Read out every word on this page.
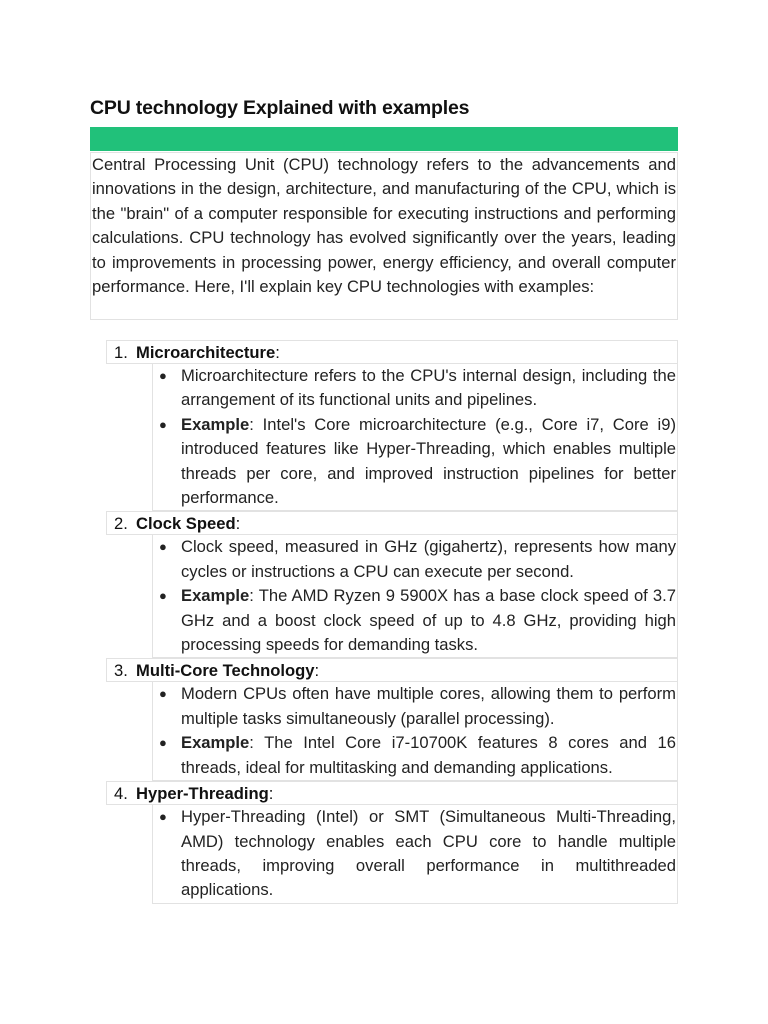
CPU technology Explained with examples

Central Processing Unit (CPU) technology refers to the advancements and innovations in the design, architecture, and manufacturing of the CPU, which is the "brain" of a computer responsible for executing instructions and performing calculations. CPU technology has evolved significantly over the years, leading to improvements in processing power, energy efficiency, and overall computer performance. Here, I'll explain key CPU technologies with examples:

1. Microarchitecture:
● Microarchitecture refers to the CPU's internal design, including the arrangement of its functional units and pipelines.
● Example: Intel's Core microarchitecture (e.g., Core i7, Core i9) introduced features like Hyper-Threading, which enables multiple threads per core, and improved instruction pipelines for better performance.
2. Clock Speed:
● Clock speed, measured in GHz (gigahertz), represents how many cycles or instructions a CPU can execute per second.
● Example: The AMD Ryzen 9 5900X has a base clock speed of 3.7 GHz and a boost clock speed of up to 4.8 GHz, providing high processing speeds for demanding tasks.
3. Multi-Core Technology:
● Modern CPUs often have multiple cores, allowing them to perform multiple tasks simultaneously (parallel processing).
● Example: The Intel Core i7-10700K features 8 cores and 16 threads, ideal for multitasking and demanding applications.
4. Hyper-Threading:
● Hyper-Threading (Intel) or SMT (Simultaneous Multi-Threading, AMD) technology enables each CPU core to handle multiple threads, improving overall performance in multithreaded applications.
